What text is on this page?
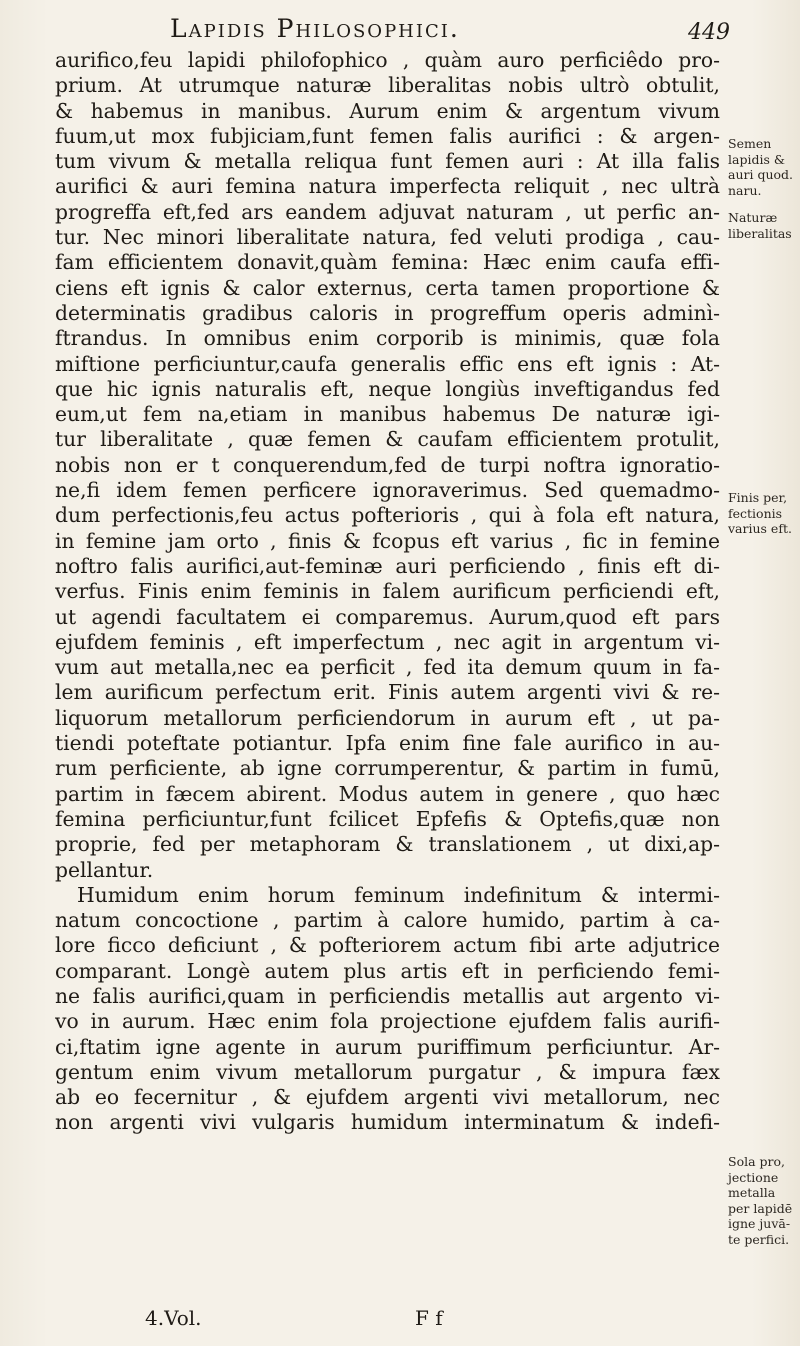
Lapidis Philosophici.	449

aurifico,feu lapidi philofophico , quàm auro perficiêdo pro-
prium. At utrumque naturæ liberalitas nobis ultrò obtulit,
& habemus in manibus. Aurum enim & argentum vivum
fuum,ut mox fubjiciam,funt femen falis aurifici : & argen-
tum vivum & metalla reliqua funt femen auri : At illa falis
aurifici & auri femina natura imperfecta reliquit , nec ultrà
progreffa eft,fed ars eandem adjuvat naturam , ut perfic an-
tur. Nec minori liberalitate natura, fed veluti prodiga , cau-
fam efficientem donavit,quàm femina: Hæc enim caufa effi-
ciens eft ignis & calor externus, certa tamen proportione &
determinatis gradibus caloris in progreffum operis adminì-
ftrandus. In omnibus enim corporib is minimis, quæ fola
miftione perficiuntur,caufa generalis effic ens eft ignis : At-
que hic ignis naturalis eft, neque longiùs inveftigandus fed
eum,ut fem na,etiam in manibus habemus De naturæ igi-
tur liberalitate , quæ femen & caufam efficientem protulit,
nobis non er t conquerendum,fed de turpi noftra ignoratio-
ne,fi idem femen perficere ignoraverimus. Sed quemadmo-
dum perfectionis,feu actus pofterioris , qui à fola eft natura,
in femine jam orto , finis & fcopus eft varius , fic in femine
noftro falis aurifici,aut-feminæ auri perficiendo , finis eft di-
verfus. Finis enim feminis in falem aurificum perficiendi eft,
ut agendi facultatem ei comparemus. Aurum,quod eft pars
ejufdem feminis , eft imperfectum , nec agit in argentum vi-
vum aut metalla,nec ea perficit , fed ita demum quum in fa-
lem aurificum perfectum erit. Finis autem argenti vivi & re-
liquorum metallorum perficiendorum in aurum eft , ut pa-
tiendi poteftate potiantur. Ipfa enim fine fale aurifico in au-
rum perficiente, ab igne corrumperentur, & partim in fumū,
partim in fæcem abirent. Modus autem in genere , quo hæc
femina perficiuntur,funt fcilicet Epfefis & Optefis,quæ non
proprie, fed per metaphoram & translationem , ut dixi,ap-
pellantur.

Humidum enim horum feminum indefinitum & intermi-
natum concoctione , partim à calore humido, partim à ca-
lore ficco deficiunt , & pofteriorem actum fibi arte adjutrice
comparant. Longè autem plus artis eft in perficiendo femi-
ne falis aurifici,quam in perficiendis metallis aut argento vi-
vo in aurum. Hæc enim fola projectione ejufdem falis aurifi-
ci,ftatim igne agente in aurum puriffimum perficiuntur. Ar-
gentum enim vivum metallorum purgatur , & impura fæx
ab eo fecernitur , & ejufdem argenti vivi metallorum, nec
non argenti vivi vulgaris humidum interminatum & indefi-

Semen
lapidis &
auri quod.
naru.
Naturæ
liberalitas
Finis per,
fectionis
varius eft.
Sola pro,
jectione
metalla
per lapidē
igne juvā-
te perfici.
4.Vol.	F f
